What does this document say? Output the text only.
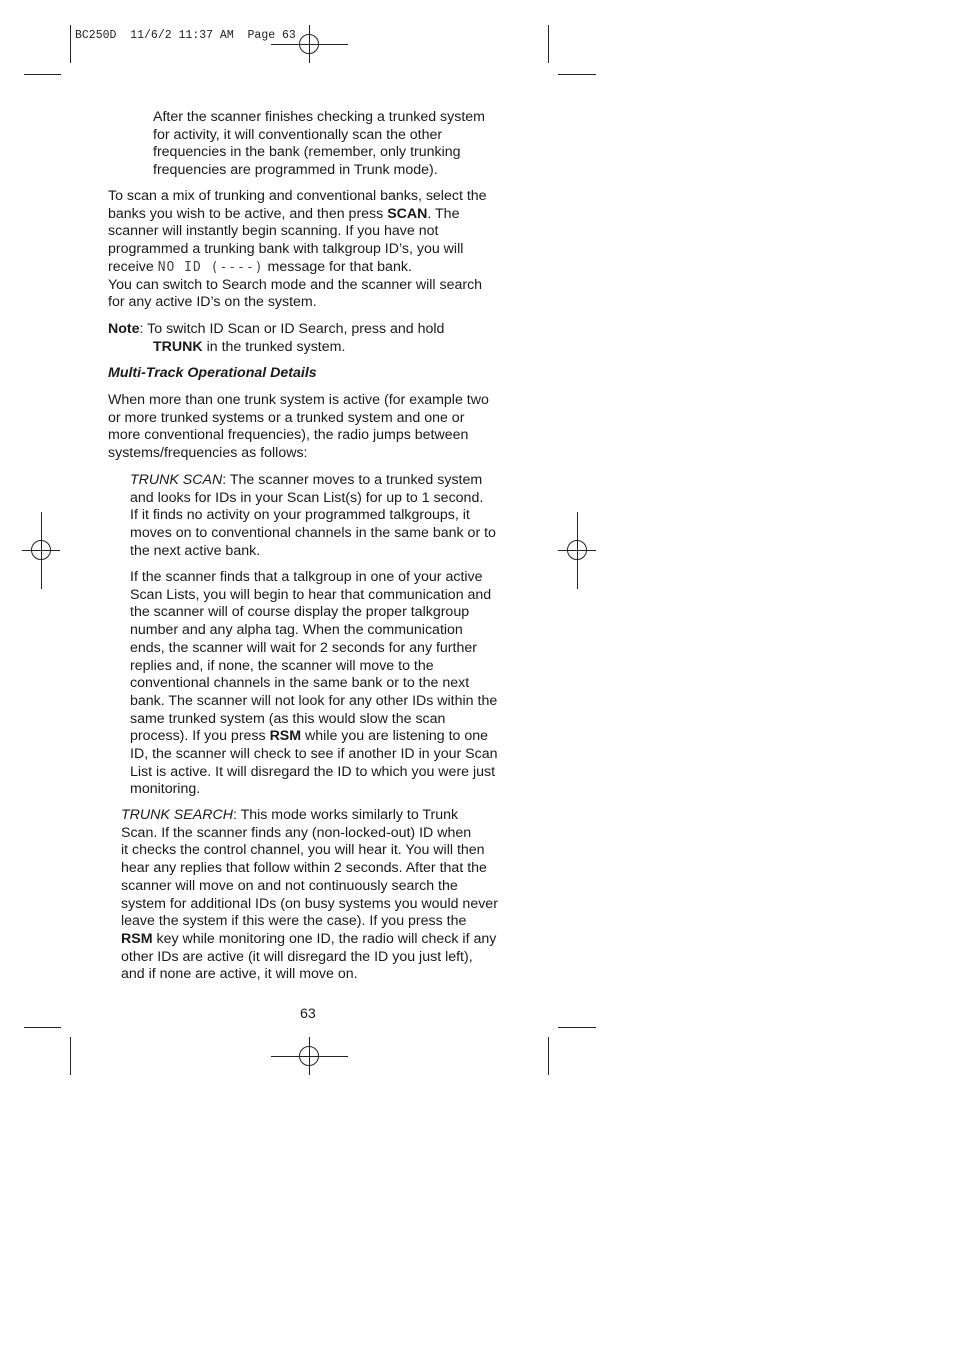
BC250D  11/6/2 11:37 AM  Page 63
After the scanner finishes checking a trunked system
for activity, it will conventionally scan the other
frequencies in the bank (remember, only trunking
frequencies are programmed in Trunk mode).
To scan a mix of trunking and conventional banks, select the
banks you wish to be active, and then press SCAN. The
scanner will instantly begin scanning. If you have not
programmed a trunking bank with talkgroup ID’s, you will
receive NO ID (----) message for that bank.
You can switch to Search mode and the scanner will search
for any active ID’s on the system.
Note: To switch ID Scan or ID Search, press and hold
TRUNK in the trunked system.
Multi-Track Operational Details
When more than one trunk system is active (for example two
or more trunked systems or a trunked system and one or
more conventional frequencies), the radio jumps between
systems/frequencies as follows:
TRUNK SCAN: The scanner moves to a trunked system
and looks for IDs in your Scan List(s) for up to 1 second.
If it finds no activity on your programmed talkgroups, it
moves on to conventional channels in the same bank or to
the next active bank.
If the scanner finds that a talkgroup in one of your active
Scan Lists, you will begin to hear that communication and
the scanner will of course display the proper talkgroup
number and any alpha tag. When the communication
ends, the scanner will wait for 2 seconds for any further
replies and, if none, the scanner will move to the
conventional channels in the same bank or to the next
bank. The scanner will not look for any other IDs within the
same trunked system (as this would slow the scan
process). If you press RSM while you are listening to one
ID, the scanner will check to see if another ID in your Scan
List is active. It will disregard the ID to which you were just
monitoring.
TRUNK SEARCH: This mode works similarly to Trunk
Scan. If the scanner finds any (non-locked-out) ID when
it checks the control channel, you will hear it. You will then
hear any replies that follow within 2 seconds. After that the
scanner will move on and not continuously search the
system for additional IDs (on busy systems you would never
leave the system if this were the case). If you press the
RSM key while monitoring one ID, the radio will check if any
other IDs are active (it will disregard the ID you just left),
and if none are active, it will move on.
63
